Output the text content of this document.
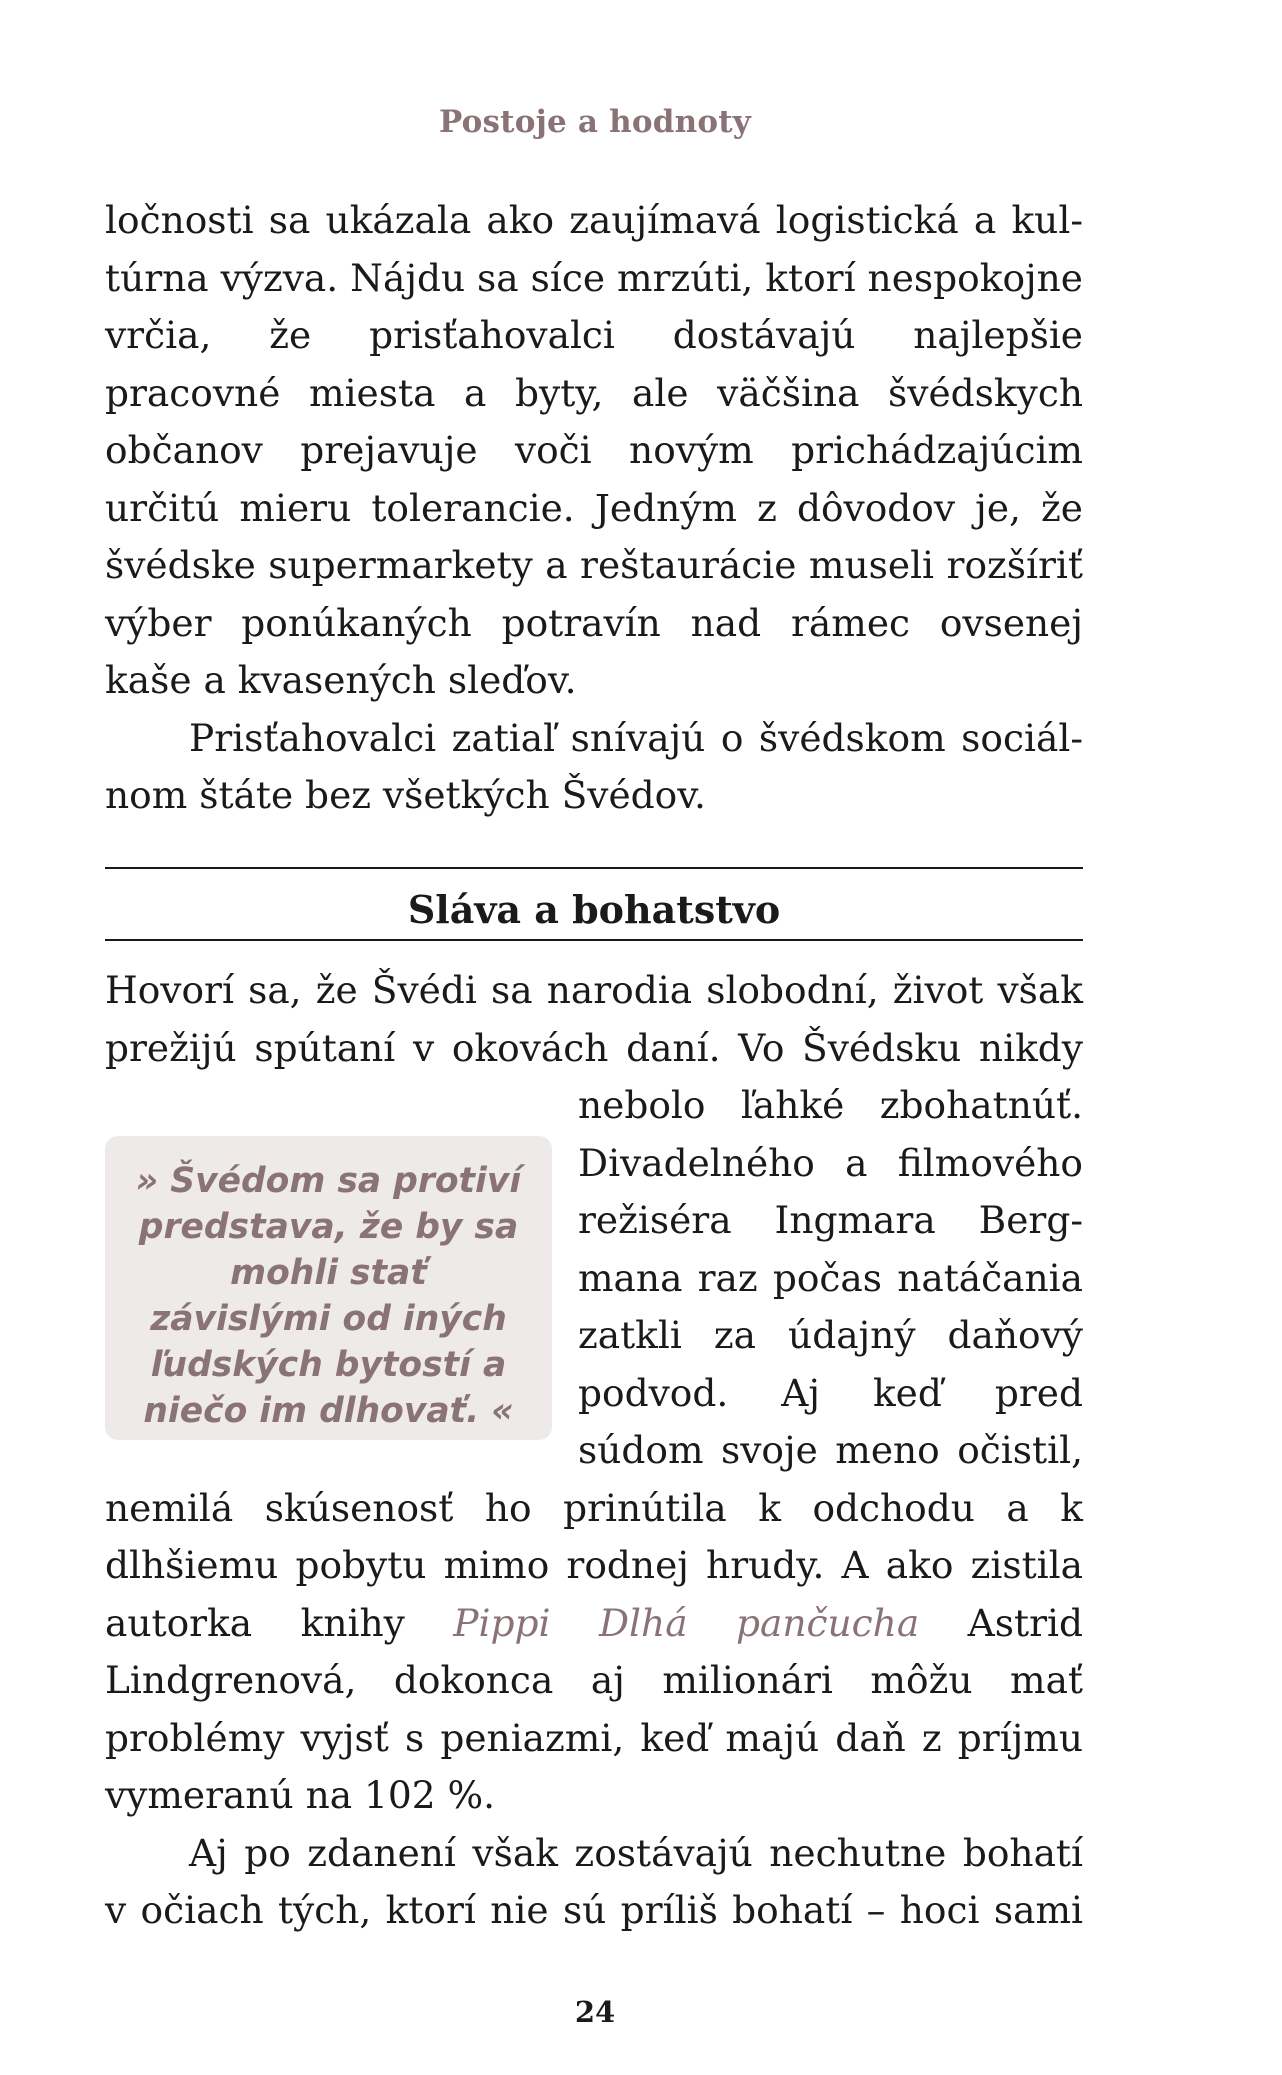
Postoje a hodnoty

ločnosti sa ukázala ako zaujímavá logistická a kultúrna výzva. Nájdu sa síce mrzúti, ktorí nespokojne vrčia, že prisťahovalci dostávajú najlepšie pracovné miesta a byty, ale väčšina švédskych občanov prejavuje voči novým prichádzajúcim určitú mieru tolerancie. Jedným z dôvodov je, že švédske supermarkety a reštaurácie museli rozšíriť výber ponúkaných potravín nad rámec ovsenej kaše a kvasených sleďov.

Prisťahovalci zatiaľ snívajú o švédskom sociálnom štáte bez všetkých Švédov.

Sláva a bohatstvo

Hovorí sa, že Švédi sa narodia slobodní, život však prežijú spútaní v okovách daní. Vo Švédsku nikdy
» Švédom sa protiví predstava, že by sa mohli stať závislými od iných ľudských bytostí a niečo im dlhovať. «
nebolo ľahké zbohatnúť. Divadelného a filmového režiséra Ingmara Bergmana raz počas natáčania zatkli za údajný daňový podvod. Aj keď pred súdom svoje meno očistil, nemilá skúsenosť ho prinútila k odchodu a k dlhšiemu pobytu mimo rodnej hrudy. A ako zistila autorka knihy Pippi Dlhá pančucha Astrid Lindgrenová, dokonca aj milionári môžu mať problémy vyjsť s peniazmi, keď majú daň z príjmu vymeranú na 102 %.

Aj po zdanení však zostávajú nechutne bohatí v očiach tých, ktorí nie sú príliš bohatí – hoci sami

24
